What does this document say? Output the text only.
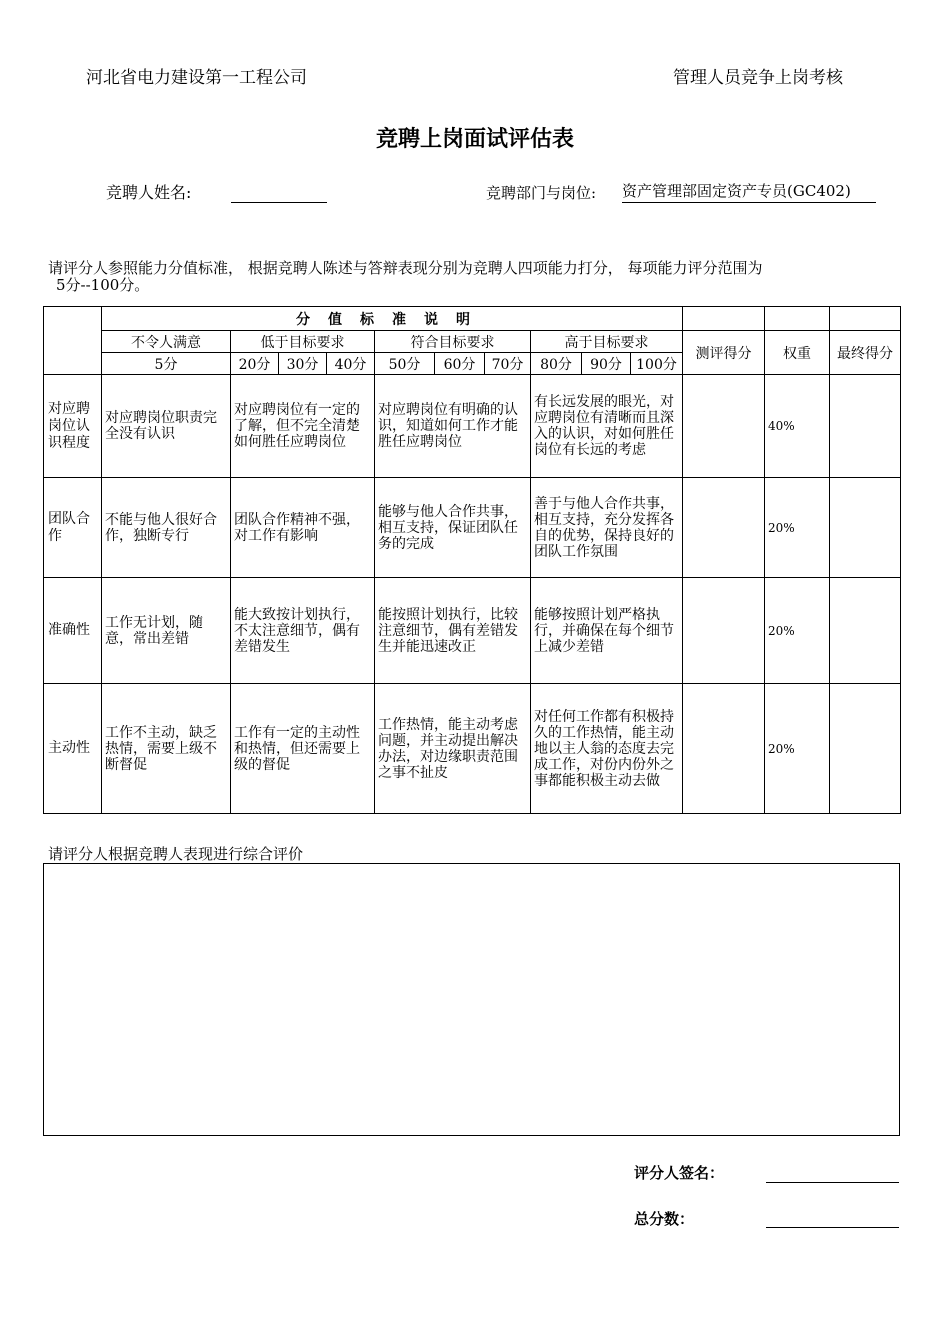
河北省电力建设第一工程公司	管理人员竞争上岗考核
竞聘上岗面试评估表
竞聘人姓名:	竞聘部门与岗位: 资产管理部固定资产专员(GC402)
请评分人参照能力分值标准， 根据竞聘人陈述与答辩表现分别为竞聘人四项能力打分， 每项能力评分范围为
5分--100分。
	分值标准说明												
	不令人满意	低于目标要求			符合目标要求			高于目标要求			测评得分	权重	最终得分
	5分	20分	30分	40分	50分	60分	70分	80分	90分	100分			
对应聘岗位认识程度	对应聘岗位职责完全没有认识	对应聘岗位有一定的了解，但不完全清楚如何胜任应聘岗位			对应聘岗位有明确的认识，知道如何工作才能胜任应聘岗位			有长远发展的眼光，对应聘岗位有清晰而且深入的认识，对如何胜任岗位有长远的考虑				40%	
团队合作	不能与他人很好合作，独断专行	团队合作精神不强，对工作有影响			能够与他人合作共事，相互支持，保证团队任务的完成			善于与他人合作共事，相互支持，充分发挥各自的优势，保持良好的团队工作氛围				20%	
准确性	工作无计划，随意，常出差错	能大致按计划执行，不太注意细节，偶有差错发生			能按照计划执行，比较注意细节，偶有差错发生并能迅速改正			能够按照计划严格执行，并确保在每个细节上减少差错				20%	
主动性	工作不主动，缺乏热情，需要上级不断督促	工作有一定的主动性和热情，但还需要上级的督促			工作热情，能主动考虑问题，并主动提出解决办法，对边缘职责范围之事不扯皮			对任何工作都有积极持久的工作热情，能主动地以主人翁的态度去完成工作，对份内份外之事都能积极主动去做				20%	
请评分人根据竞聘人表现进行综合评价
评分人签名：
总分数：
